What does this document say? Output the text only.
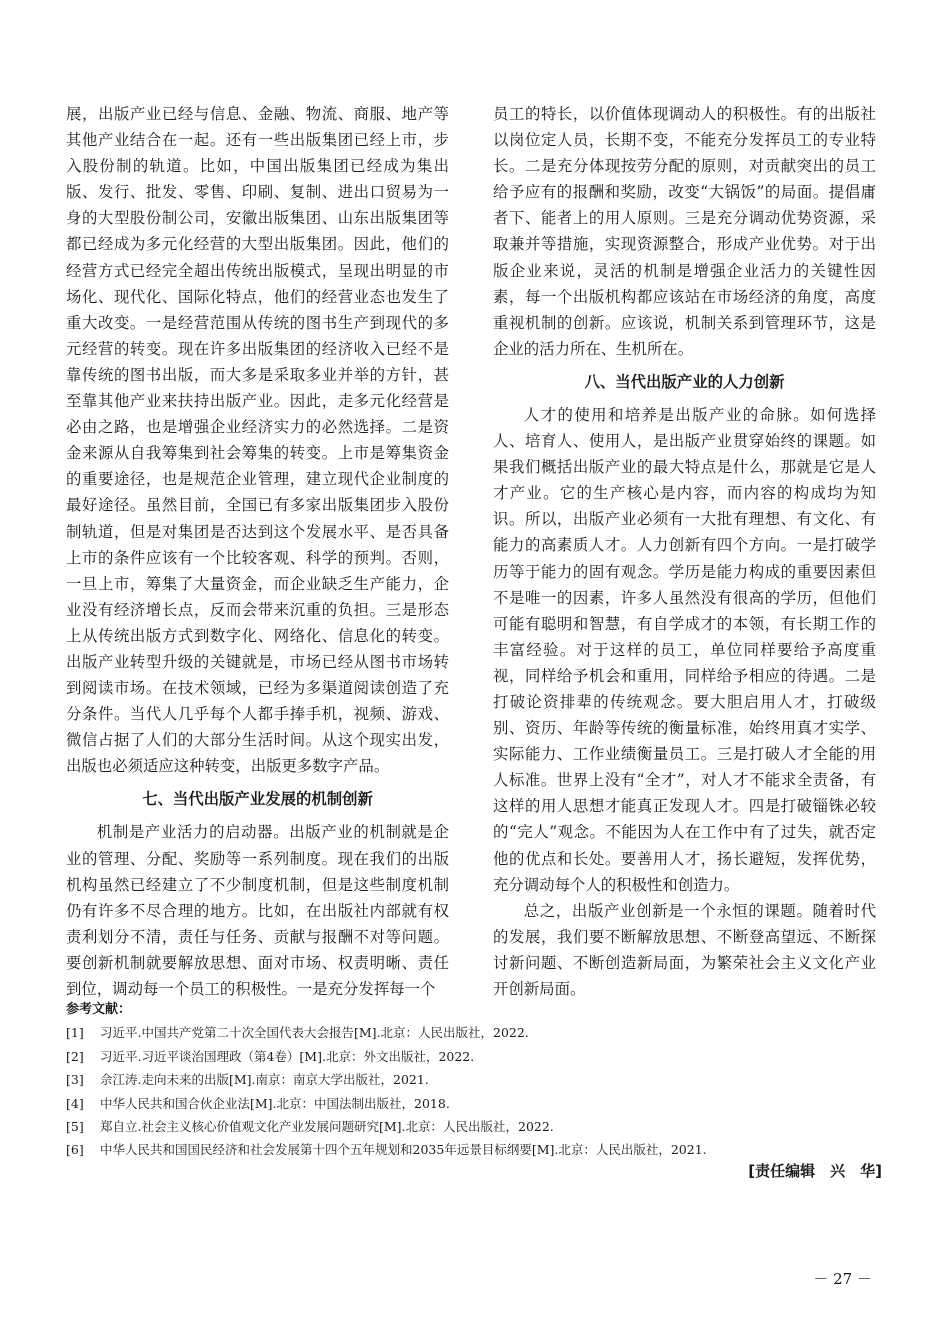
展，出版产业已经与信息、金融、物流、商服、地产等其他产业结合在一起。还有一些出版集团已经上市，步入股份制的轨道。比如，中国出版集团已经成为集出版、发行、批发、零售、印刷、复制、进出口贸易为一身的大型股份制公司，安徽出版集团、山东出版集团等都已经成为多元化经营的大型出版集团。因此，他们的经营方式已经完全超出传统出版模式，呈现出明显的市场化、现代化、国际化特点，他们的经营业态也发生了重大改变。一是经营范围从传统的图书生产到现代的多元经营的转变。现在许多出版集团的经济收入已经不是靠传统的图书出版，而大多是采取多业并举的方针，甚至靠其他产业来扶持出版产业。因此，走多元化经营是必由之路，也是增强企业经济实力的必然选择。二是资金来源从自我筹集到社会筹集的转变。上市是筹集资金的重要途径，也是规范企业管理，建立现代企业制度的最好途径。虽然目前，全国已有多家出版集团步入股份制轨道，但是对集团是否达到这个发展水平、是否具备上市的条件应该有一个比较客观、科学的预判。否则，一旦上市，筹集了大量资金，而企业缺乏生产能力，企业没有经济增长点，反而会带来沉重的负担。三是形态上从传统出版方式到数字化、网络化、信息化的转变。出版产业转型升级的关键就是，市场已经从图书市场转到阅读市场。在技术领域，已经为多渠道阅读创造了充分条件。当代人几乎每个人都手捧手机，视频、游戏、微信占据了人们的大部分生活时间。从这个现实出发，出版也必须适应这种转变，出版更多数字产品。

七、当代出版产业发展的机制创新

机制是产业活力的启动器。出版产业的机制就是企业的管理、分配、奖励等一系列制度。现在我们的出版机构虽然已经建立了不少制度机制，但是这些制度机制仍有许多不尽合理的地方。比如，在出版社内部就有权责利划分不清，责任与任务、贡献与报酬不对等问题。要创新机制就要解放思想、面对市场、权责明晰、责任到位，调动每一个员工的积极性。一是充分发挥每一个

员工的特长，以价值体现调动人的积极性。有的出版社以岗位定人员，长期不变，不能充分发挥员工的专业特长。二是充分体现按劳分配的原则，对贡献突出的员工给予应有的报酬和奖励，改变“大锅饭”的局面。提倡庸者下、能者上的用人原则。三是充分调动优势资源，采取兼并等措施，实现资源整合，形成产业优势。对于出版企业来说，灵活的机制是增强企业活力的关键性因素，每一个出版机构都应该站在市场经济的角度，高度重视机制的创新。应该说，机制关系到管理环节，这是企业的活力所在、生机所在。

八、当代出版产业的人力创新

人才的使用和培养是出版产业的命脉。如何选择人、培育人、使用人，是出版产业贯穿始终的课题。如果我们概括出版产业的最大特点是什么，那就是它是人才产业。它的生产核心是内容，而内容的构成均为知识。所以，出版产业必须有一大批有理想、有文化、有能力的高素质人才。人力创新有四个方向。一是打破学历等于能力的固有观念。学历是能力构成的重要因素但不是唯一的因素，许多人虽然没有很高的学历，但他们可能有聪明和智慧，有自学成才的本领，有长期工作的丰富经验。对于这样的员工，单位同样要给予高度重视，同样给予机会和重用，同样给予相应的待遇。二是打破论资排辈的传统观念。要大胆启用人才，打破级别、资历、年龄等传统的衡量标准，始终用真才实学、实际能力、工作业绩衡量员工。三是打破人才全能的用人标准。世界上没有“全才”，对人才不能求全责备，有这样的用人思想才能真正发现人才。四是打破锱铢必较的“完人”观念。不能因为人在工作中有了过失，就否定他的优点和长处。要善用人才，扬长避短，发挥优势，充分调动每个人的积极性和创造力。

总之，出版产业创新是一个永恒的课题。随着时代的发展，我们要不断解放思想、不断登高望远、不断探讨新问题、不断创造新局面，为繁荣社会主义文化产业开创新局面。

参考文献：
[1]	习近平.中国共产党第二十次全国代表大会报告[M].北京：人民出版社，2022.
[2]	习近平.习近平谈治国理政（第4卷）[M].北京：外文出版社，2022.
[3]	佘江涛.走向未来的出版[M].南京：南京大学出版社，2021.
[4]	中华人民共和国合伙企业法[M].北京：中国法制出版社，2018.
[5]	郑自立.社会主义核心价值观文化产业发展问题研究[M].北京：人民出版社，2022.
[6]	中华人民共和国国民经济和社会发展第十四个五年规划和2035年远景目标纲要[M].北京：人民出版社，2021.
[责任编辑　兴　华]
－ 27 －
